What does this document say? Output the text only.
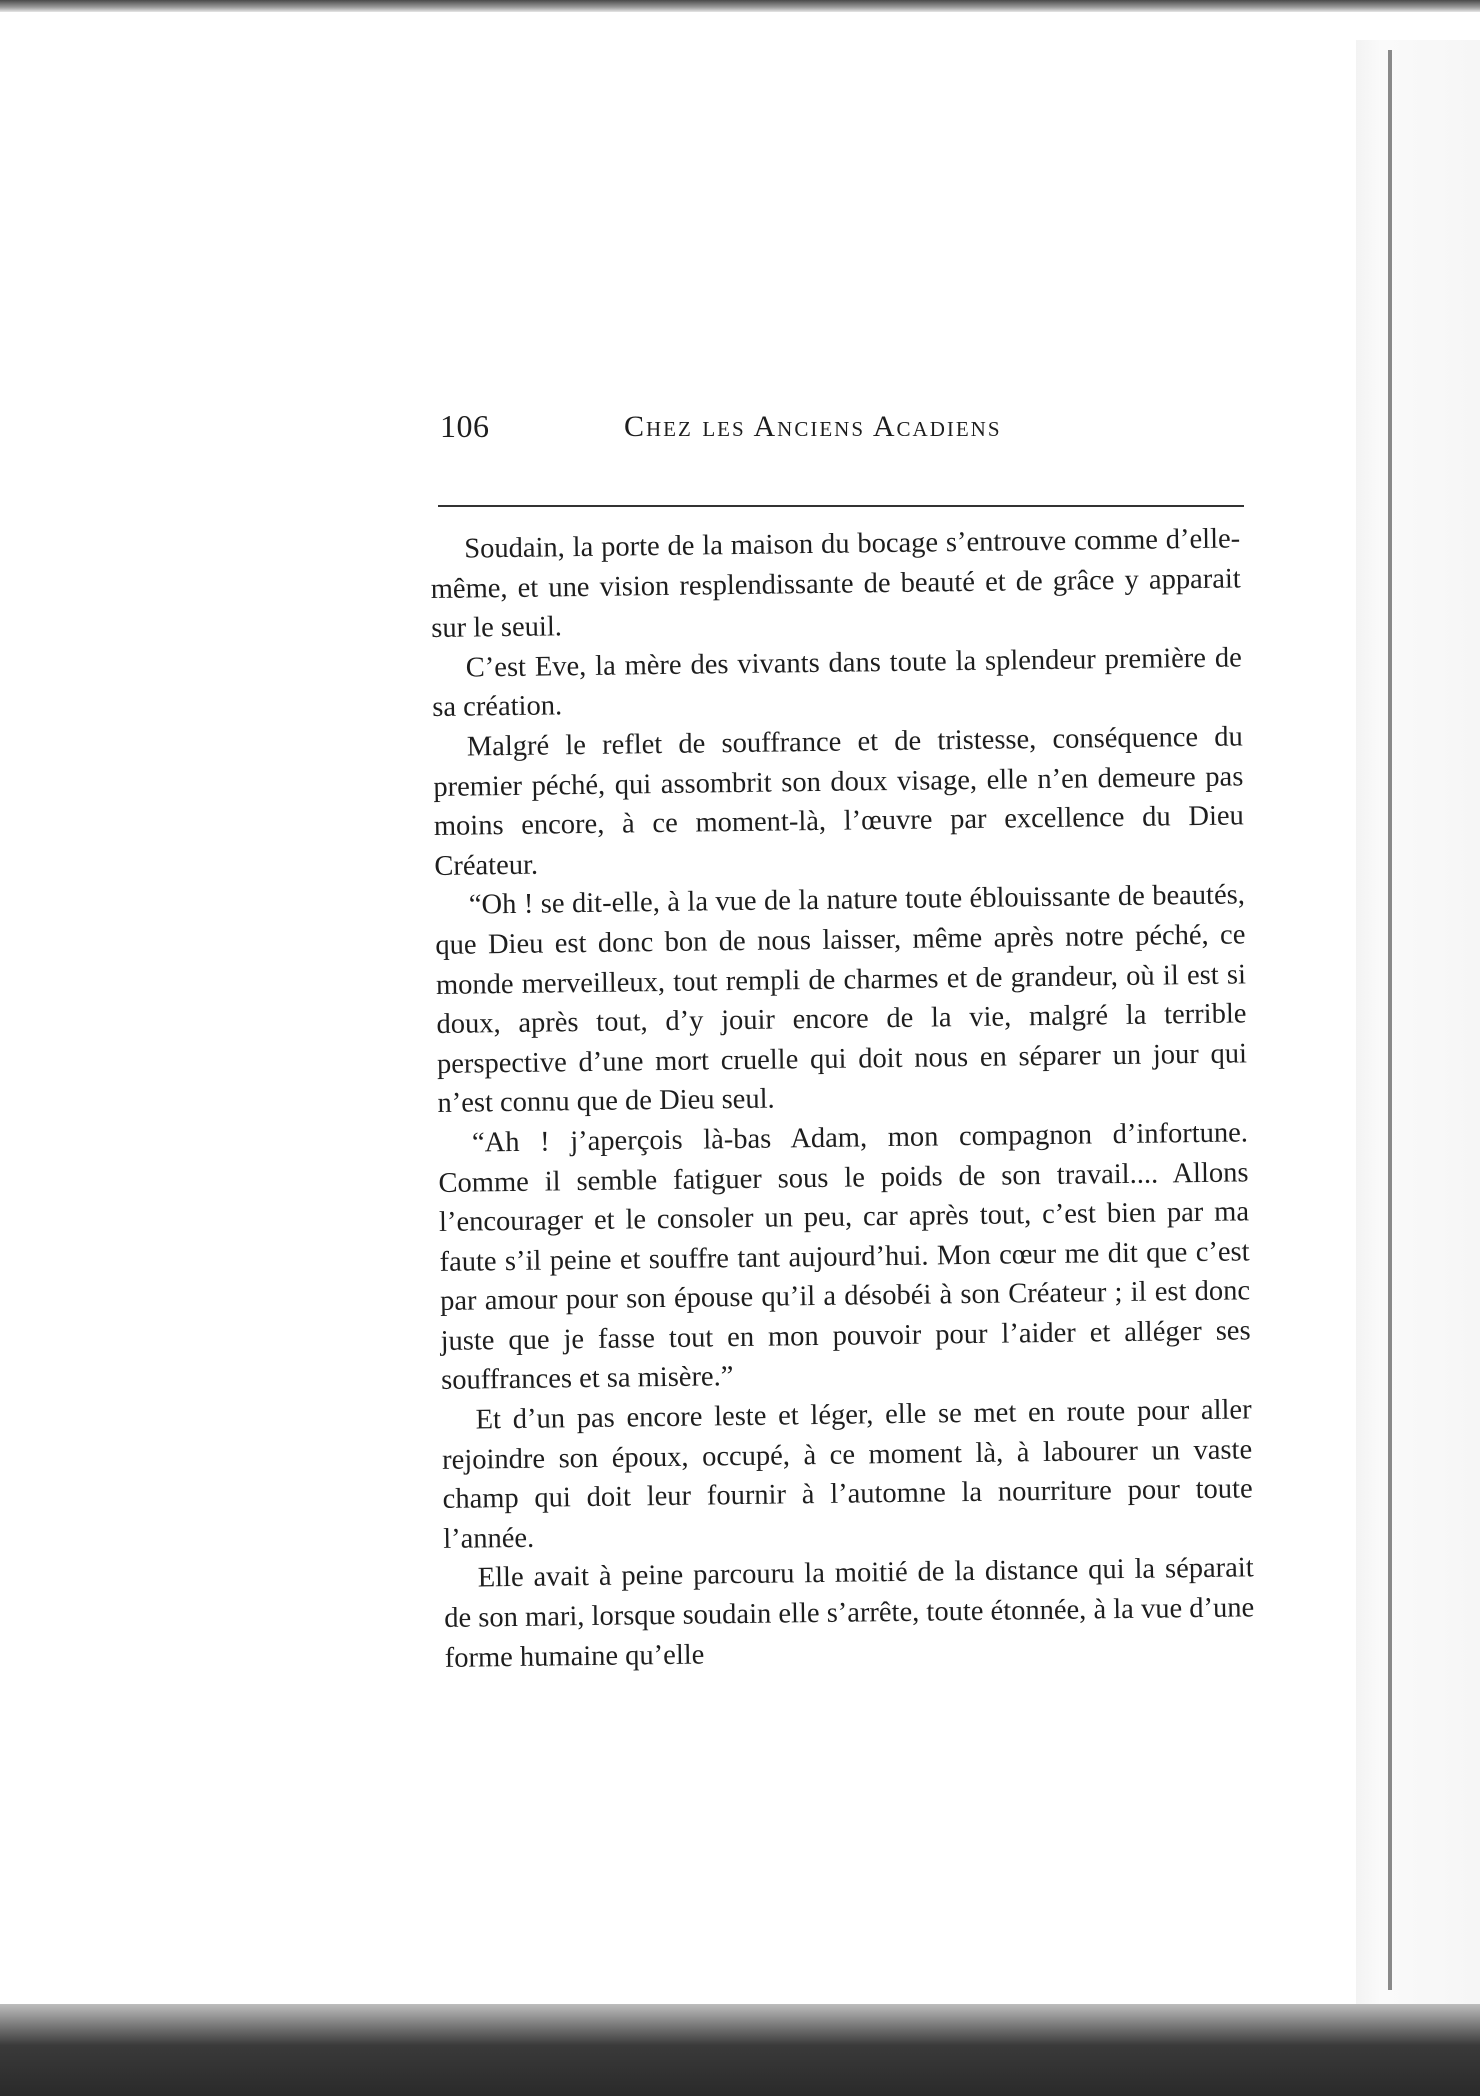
106	Chez les Anciens Acadiens

Soudain, la porte de la maison du bocage s’entrouve comme d’elle-même, et une vision resplendissante de beauté et de grâce y apparait sur le seuil.

C’est Eve, la mère des vivants dans toute la splendeur première de sa création.

Malgré le reflet de souffrance et de tristesse, conséquence du premier péché, qui assombrit son doux visage, elle n’en demeure pas moins encore, à ce moment-là, l’œuvre par excellence du Dieu Créateur.

“Oh ! se dit-elle, à la vue de la nature toute éblouissante de beautés, que Dieu est donc bon de nous laisser, même après notre péché, ce monde merveilleux, tout rempli de charmes et de grandeur, où il est si doux, après tout, d’y jouir encore de la vie, malgré la terrible perspective d’une mort cruelle qui doit nous en séparer un jour qui n’est connu que de Dieu seul.

“Ah ! j’aperçois là-bas Adam, mon compagnon d’infortune. Comme il semble fatiguer sous le poids de son travail.... Allons l’encourager et le consoler un peu, car après tout, c’est bien par ma faute s’il peine et souffre tant aujourd’hui. Mon cœur me dit que c’est par amour pour son épouse qu’il a désobéi à son Créateur ; il est donc juste que je fasse tout en mon pouvoir pour l’aider et alléger ses souffrances et sa misère.”

Et d’un pas encore leste et léger, elle se met en route pour aller rejoindre son époux, occupé, à ce moment là, à labourer un vaste champ qui doit leur fournir à l’automne la nourriture pour toute l’année.

Elle avait à peine parcouru la moitié de la distance qui la séparait de son mari, lorsque soudain elle s’arrête, toute étonnée, à la vue d’une forme humaine qu’elle
